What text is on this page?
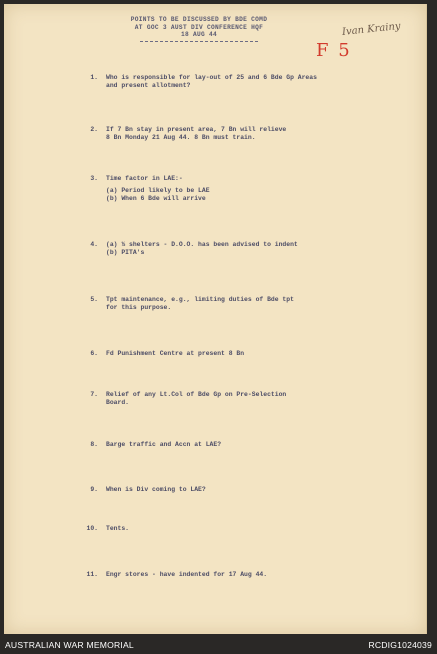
POINTS TO BE DISCUSSED BY BDE COMD
AT GOC 3 AUST DIV CONFERENCE HQF
18 AUG 44	Ivan Krainy
F 5
1. Who is responsible for lay-out of 25 and 6 Bde Gp Areas
and present allotment?
2. If 7 Bn stay in present area, 7 Bn will relieve
8 Bn Monday 21 Aug 44. 8 Bn must train.
3. Time factor in LAE:-
(a) Period likely to be LAE
(b) When 6 Bde will arrive
4. (a) ½ shelters - D.O.O. has been advised to indent
(b) PITA's
5. Tpt maintenance, e.g., limiting duties of Bde tpt
for this purpose.
6. Fd Punishment Centre at present 8 Bn
7. Relief of any Lt.Col of Bde Gp on Pre-Selection
Board.
8. Barge traffic and Accn at LAE?
9. When is Div coming to LAE?
10. Tents.
11. Engr stores - have indented for 17 Aug 44.
AUSTRALIAN WAR MEMORIAL	RCDIG1024039
